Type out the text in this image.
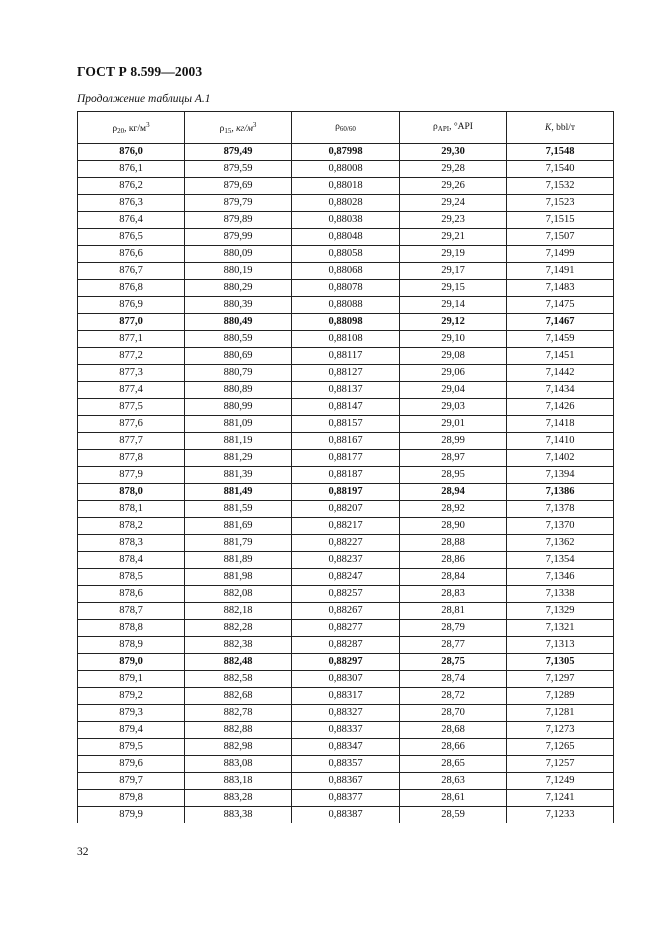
ГОСТ Р 8.599—2003
Продолжение таблицы А.1
$\rho_{20}$, $кг/м^3$	$\rho_{15}$, $кг/м^3$	$\rho_{60/60}$	$\rho_{API}$, °API	K, bbl/т
876,0	879,49	0,87998	29,30	7,1548
876,1	879,59	0,88008	29,28	7,1540
876,2	879,69	0,88018	29,26	7,1532
876,3	879,79	0,88028	29,24	7,1523
876,4	879,89	0,88038	29,23	7,1515
876,5	879,99	0,88048	29,21	7,1507
876,6	880,09	0,88058	29,19	7,1499
876,7	880,19	0,88068	29,17	7,1491
876,8	880,29	0,88078	29,15	7,1483
876,9	880,39	0,88088	29,14	7,1475
877,0	880,49	0,88098	29,12	7,1467
877,1	880,59	0,88108	29,10	7,1459
877,2	880,69	0,88117	29,08	7,1451
877,3	880,79	0,88127	29,06	7,1442
877,4	880,89	0,88137	29,04	7,1434
877,5	880,99	0,88147	29,03	7,1426
877,6	881,09	0,88157	29,01	7,1418
877,7	881,19	0,88167	28,99	7,1410
877,8	881,29	0,88177	28,97	7,1402
877,9	881,39	0,88187	28,95	7,1394
878,0	881,49	0,88197	28,94	7,1386
878,1	881,59	0,88207	28,92	7,1378
878,2	881,69	0,88217	28,90	7,1370
878,3	881,79	0,88227	28,88	7,1362
878,4	881,89	0,88237	28,86	7,1354
878,5	881,98	0,88247	28,84	7,1346
878,6	882,08	0,88257	28,83	7,1338
878,7	882,18	0,88267	28,81	7,1329
878,8	882,28	0,88277	28,79	7,1321
878,9	882,38	0,88287	28,77	7,1313
879,0	882,48	0,88297	28,75	7,1305
879,1	882,58	0,88307	28,74	7,1297
879,2	882,68	0,88317	28,72	7,1289
879,3	882,78	0,88327	28,70	7,1281
879,4	882,88	0,88337	28,68	7,1273
879,5	882,98	0,88347	28,66	7,1265
879,6	883,08	0,88357	28,65	7,1257
879,7	883,18	0,88367	28,63	7,1249
879,8	883,28	0,88377	28,61	7,1241
879,9	883,38	0,88387	28,59	7,1233
32
